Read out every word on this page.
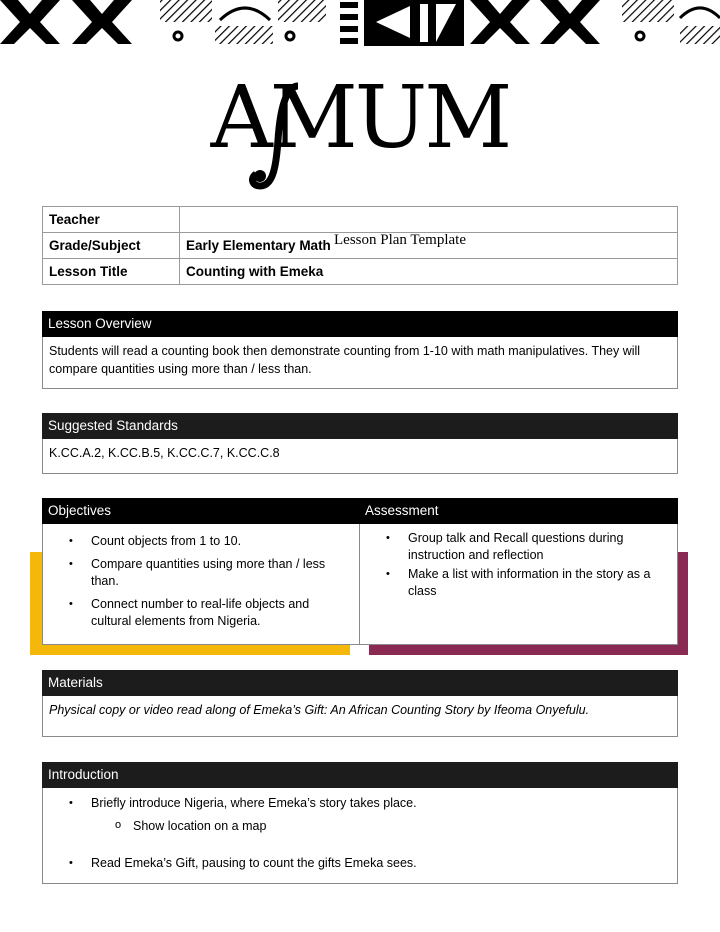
AMUM
Lesson Plan Template
Teacher	
Grade/Subject	Early Elementary Math
Lesson Title	Counting with Emeka
Lesson Overview
Students will read a counting book then demonstrate counting from 1-10 with math manipulatives. They will compare quantities using more than / less than.
Suggested Standards
K.CC.A.2, K.CC.B.5, K.CC.C.7, K.CC.C.8
Objectives
• Count objects from 1 to 10.
• Compare quantities using more than / less than.
• Connect number to real-life objects and cultural elements from Nigeria.
Assessment
• Group talk and Recall questions during instruction and reflection
• Make a list with information in the story as a class
Materials
Physical copy or video read along of Emeka’s Gift: An African Counting Story by Ifeoma Onyefulu.
Introduction
• Briefly introduce Nigeria, where Emeka’s story takes place.
o Show location on a map
• Read Emeka’s Gift, pausing to count the gifts Emeka sees.
